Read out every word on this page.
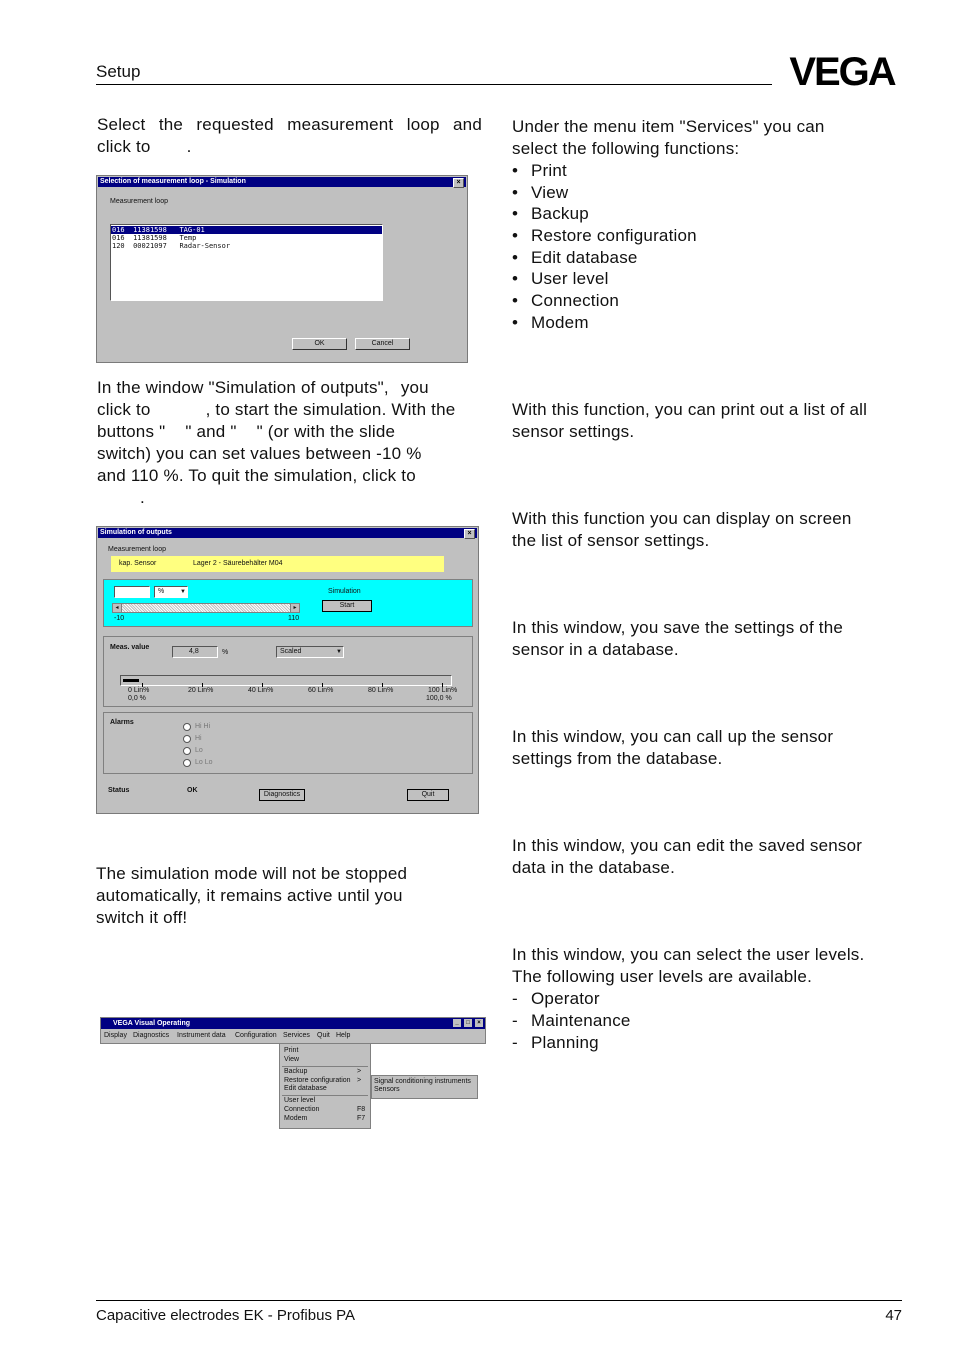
Setup	VEGA

Select the requested measurement loop and

click to .

Selection of measurement loop - Simulation	×
Measurement loop
016 11381598 TAG-01
016 11381598 Temp
120 00021097 Radar-Sensor
OK	Cancel

In the window "Simulation of outputs", you

click to	, to start the simulation. With the

buttons " " and " " (or with the slide

switch) you can set values between -10 %

and 110 %. To quit the simulation, click to

.

Simulation of outputs	×
Measurement loop
kap. Sensor	Lager 2 - Säurebehälter M04
%	▼	Simulation
Start
◂	▸
-10	110
Meas. value
4,8	%	Scaled	▼
0 Lin%	20 Lin%	40 Lin%	60 Lin%	80 Lin%	100 Lin%
0,0 %	100,0 %
Alarms
Hi Hi
Hi
Lo
Lo Lo
Status	OK
Diagnostics	Quit

The simulation mode will not be stopped

automatically, it remains active until you

switch it off!

VEGA Visual Operating	_	□	×
Display Diagnostics Instrument data Configuration Services Quit Help
Print
View
Backup	>
Restore configuration >
Edit database
User level
Connection	F8
Modem	F7
Signal conditioning instruments
Sensors

Under the menu item "Services" you can

select the following functions:

• Print
• View
• Backup
• Restore configuration
• Edit database
• User level
• Connection
• Modem

With this function, you can print out a list of all

sensor settings.

With this function you can display on screen

the list of sensor settings.

In this window, you save the settings of the

sensor in a database.

In this window, you can call up the sensor

settings from the database.

In this window, you can edit the saved sensor

data in the database.

In this window, you can select the user levels.

The following user levels are available.

- Operator
- Maintenance
- Planning
Capacitive electrodes EK - Profibus PA	47
